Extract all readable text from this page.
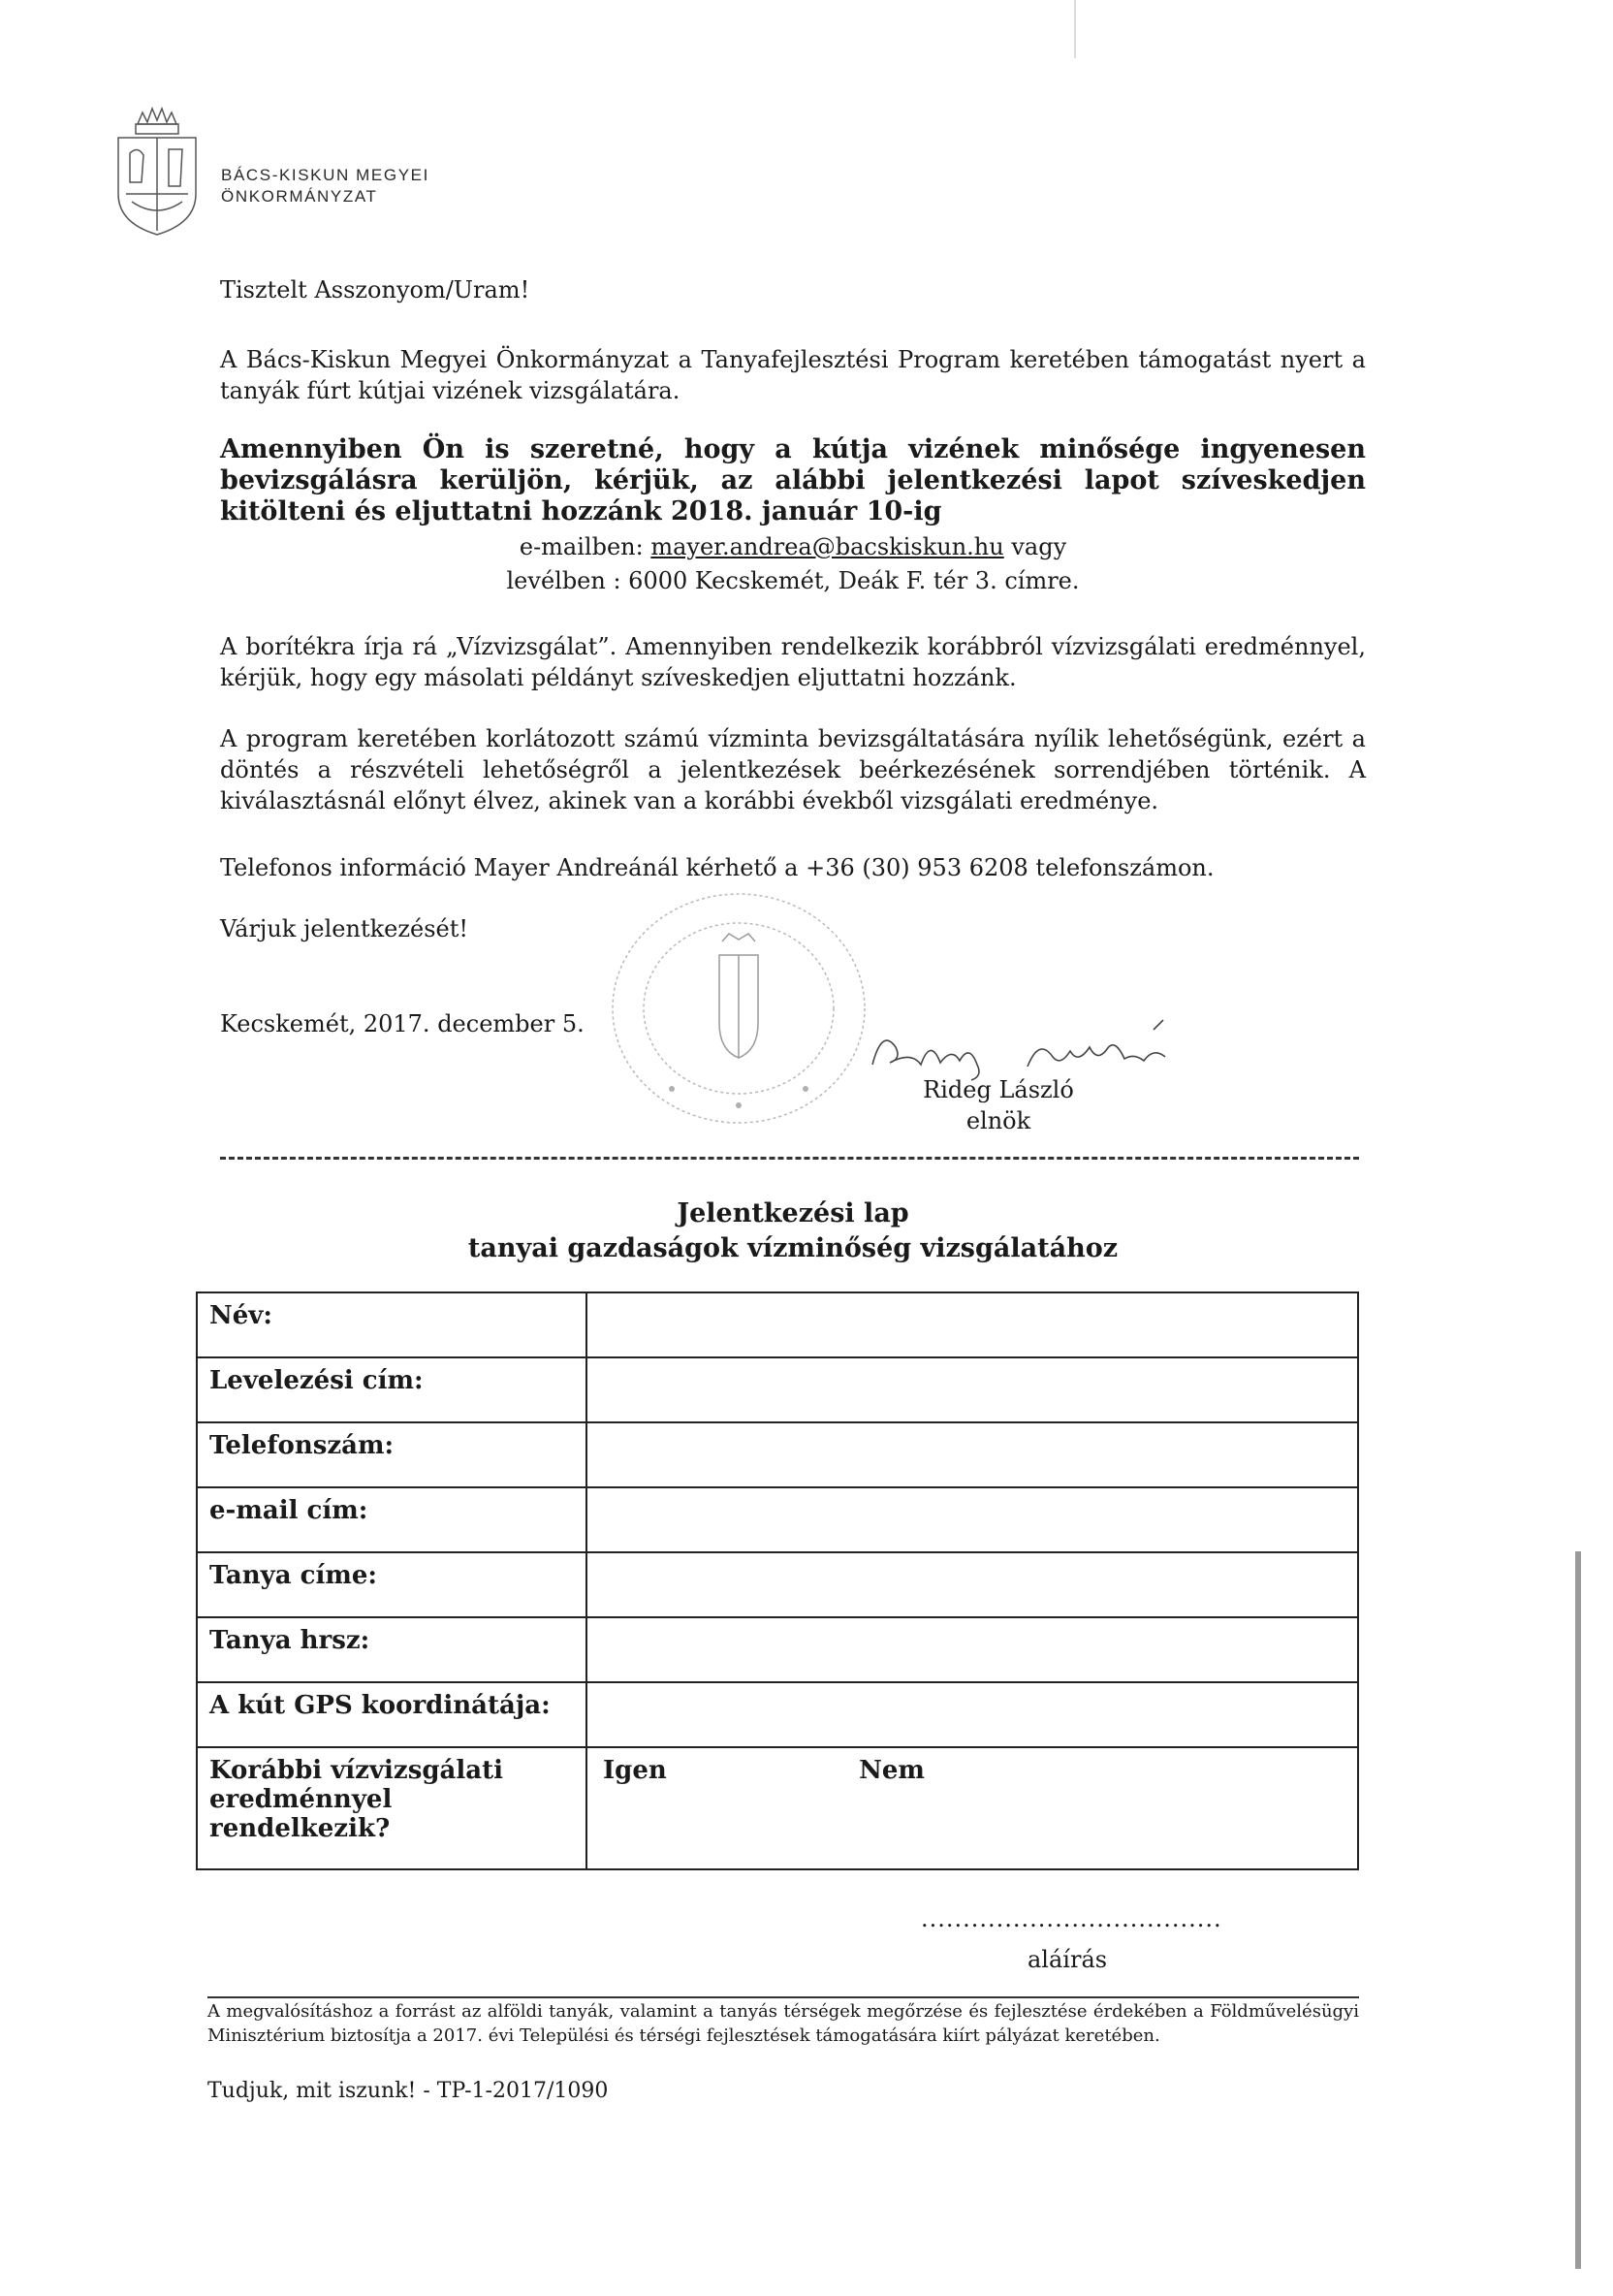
BÁCS-KISKUN MEGYEI
ÖNKORMÁNYZAT
Tisztelt Asszonyom/Uram!
A Bács-Kiskun Megyei Önkormányzat a Tanyafejlesztési Program keretében támogatást nyert a tanyák fúrt kútjai vizének vizsgálatára.
Amennyiben Ön is szeretné, hogy a kútja vizének minősége ingyenesen bevizsgálásra kerüljön, kérjük, az alábbi jelentkezési lapot szíveskedjen kitölteni és eljuttatni hozzánk 2018. január 10-ig
e-mailben: mayer.andrea@bacskiskun.hu vagy
levélben : 6000 Kecskemét, Deák F. tér 3. címre.
A borítékra írja rá „Vízvizsgálat”. Amennyiben rendelkezik korábbról vízvizsgálati eredménnyel, kérjük, hogy egy másolati példányt szíveskedjen eljuttatni hozzánk.
A program keretében korlátozott számú vízminta bevizsgáltatására nyílik lehetőségünk, ezért a döntés a részvételi lehetőségről a jelentkezések beérkezésének sorrendjében történik. A kiválasztásnál előnyt élvez, akinek van a korábbi évekből vizsgálati eredménye.
Telefonos információ Mayer Andreánál kérhető a +36 (30) 953 6208 telefonszámon.
Várjuk jelentkezését!
Kecskemét, 2017. december 5.
Rideg László
elnök
Jelentkezési lap
tanyai gazdaságok vízminőség vizsgálatához
Név:	
Levelezési cím:	
Telefonszám:	
e-mail cím:	
Tanya címe:	
Tanya hrsz:	
A kút GPS koordinátája:	

Korábbi vízvizsgálati
eredménnyel
rendelkezik?	Igen Nem
....................................
aláírás
A megvalósításhoz a forrást az alföldi tanyák, valamint a tanyás térségek megőrzése és fejlesztése érdekében a Földművelésügyi Minisztérium biztosítja a 2017. évi Települési és térségi fejlesztések támogatására kiírt pályázat keretében.
Tudjuk, mit iszunk! - TP-1-2017/1090
